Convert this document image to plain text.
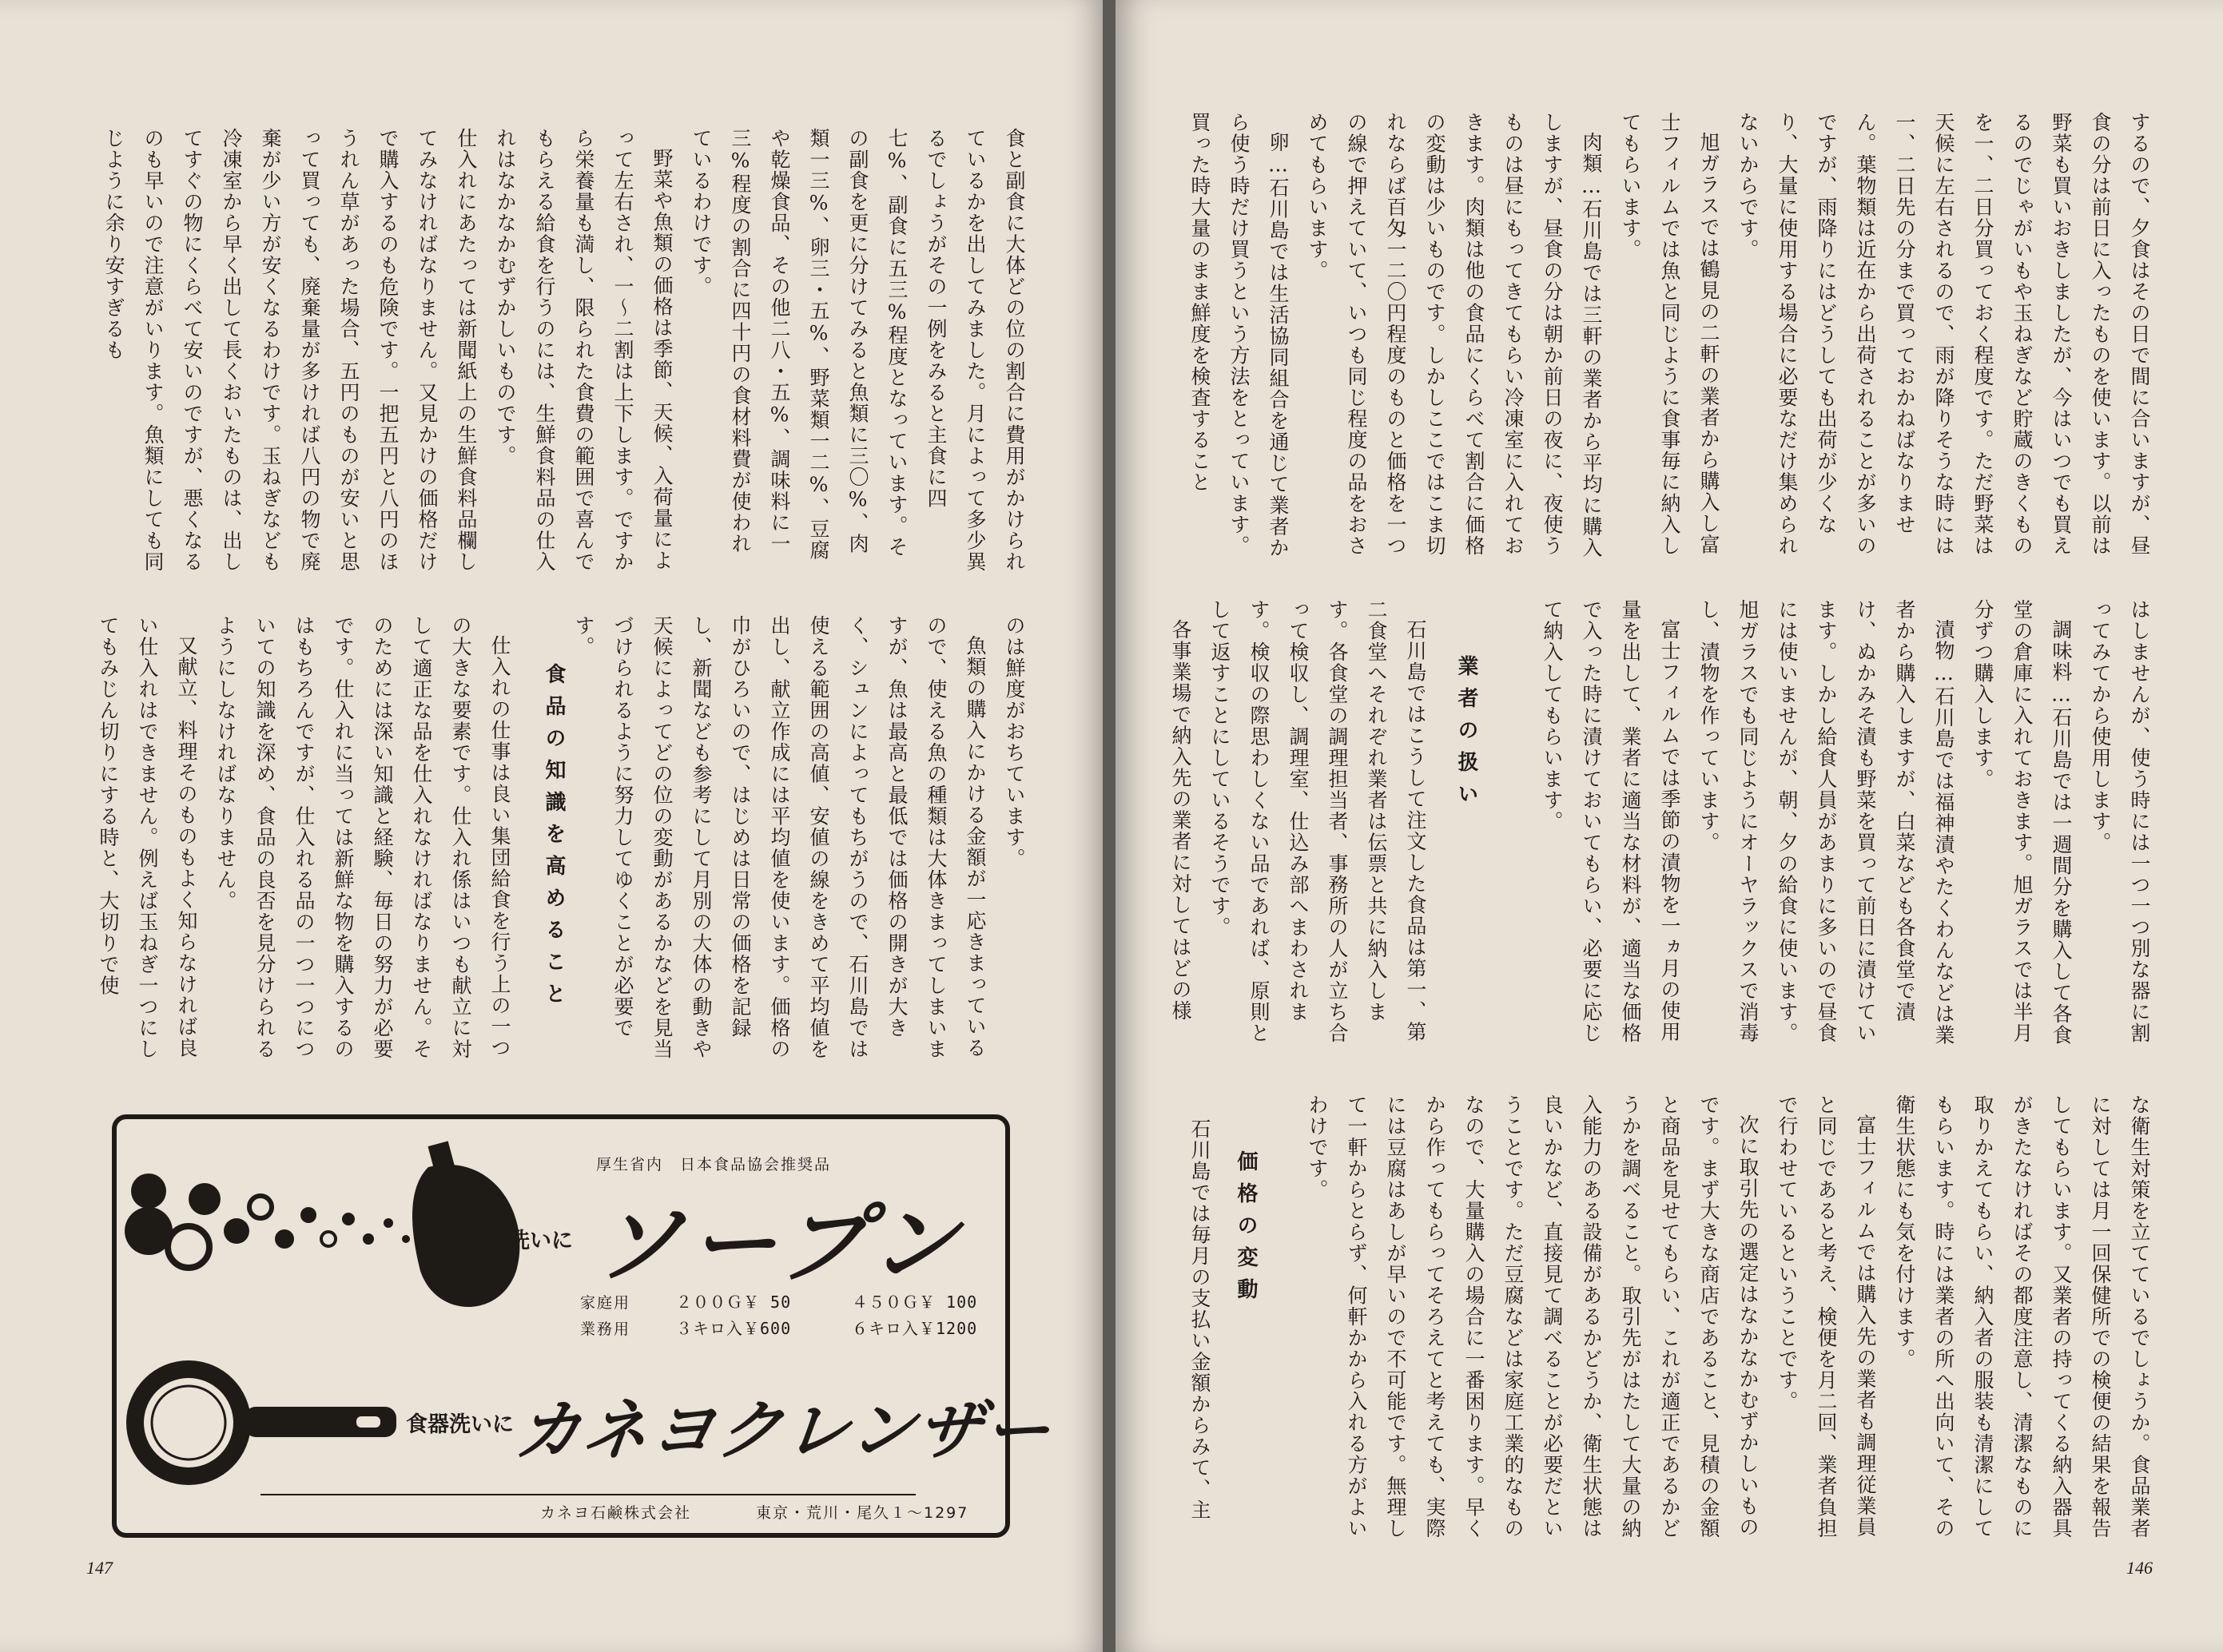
食と副食に大体どの位の割合に費用がかけられているかを出してみました。月によって多少異るでしょうがその一例をみると主食に四七%、副食に五三%程度となっています。その副食を更に分けてみると魚類に三〇%、肉類一三%、卵三・五%、野菜類一二%、豆腐や乾燥食品、その他二八・五%、調味料に一三%程度の割合に四十円の食材料費が使われているわけです。

野菜や魚類の価格は季節、天候、入荷量によって左右され、一～二割は上下します。ですから栄養量も満し、限られた食費の範囲で喜んでもらえる給食を行うのには、生鮮食料品の仕入れはなかなかむずかしいものです。

仕入れにあたっては新聞紙上の生鮮食料品欄してみなければなりません。又見かけの価格だけで購入するのも危険です。一把五円と八円のほうれん草があった場合、五円のものが安いと思って買っても、廃棄量が多ければ八円の物で廃棄が少い方が安くなるわけです。玉ねぎなども冷凍室から早く出して長くおいたものは、出してすぐの物にくらべて安いのですが、悪くなるのも早いので注意がいります。魚類にしても同じように余り安すぎるも

のは鮮度がおちています。

魚類の購入にかける金額が一応きまっているので、使える魚の種類は大体きまってしまいますが、魚は最高と最低では価格の開きが大きく、シュンによってもちがうので、石川島では使える範囲の高値、安値の線をきめて平均値を出し、献立作成には平均値を使います。価格の巾がひろいので、はじめは日常の価格を記録し、新聞なども参考にして月別の大体の動きや天候によってどの位の変動があるかなどを見当づけられるように努力してゆくことが必要です。

食品の知識を高めること

仕入れの仕事は良い集団給食を行う上の一つの大きな要素です。仕入れ係はいつも献立に対して適正な品を仕入れなければなりません。そのためには深い知識と経験、毎日の努力が必要です。仕入れに当っては新鮮な物を購入するのはもちろんですが、仕入れる品の一つ一つについての知識を深め、食品の良否を見分けられるようにしなければなりません。

又献立、料理そのものもよく知らなければ良い仕入れはできません。例えば玉ねぎ一つにしてもみじん切りにする時と、大切りで使

厚生省内　日本食品協会推奨品
野菜果物洗いに ソープン
家庭用	２００Ｇ￥ 50	４５０Ｇ￥ 100
業務用	３キロ入￥600	６キロ入￥1200
食器洗いに
カネヨクレンザー
カネヨ石鹸株式会社	東京・荒川・尾久１～1297
147

するので、夕食はその日で間に合いますが、昼食の分は前日に入ったものを使います。以前は野菜も買いおきしましたが、今はいつでも買えるのでじゃがいもや玉ねぎなど貯蔵のきくものを一、二日分買っておく程度です。ただ野菜は天候に左右されるので、雨が降りそうな時には一、二日先の分まで買っておかねばなりません。葉物類は近在から出荷されることが多いのですが、雨降りにはどうしても出荷が少くなり、大量に使用する場合に必要なだけ集められないからです。

旭ガラスでは鶴見の二軒の業者から購入し富士フィルムでは魚と同じように食事毎に納入してもらいます。

肉類…石川島では三軒の業者から平均に購入しますが、昼食の分は朝か前日の夜に、夜使うものは昼にもってきてもらい冷凍室に入れておきます。肉類は他の食品にくらべて割合に価格の変動は少いものです。しかしここではこま切れならば百匁一二〇円程度のものと価格を一つの線で押えていて、いつも同じ程度の品をおさめてもらいます。

卵…石川島では生活協同組合を通じて業者から使う時だけ買うという方法をとっています。買った時大量のまま鮮度を検査すること

はしませんが、使う時には一つ一つ別な器に割ってみてから使用します。

調味料…石川島では一週間分を購入して各食堂の倉庫に入れておきます。旭ガラスでは半月分ずつ購入します。

漬物…石川島では福神漬やたくわんなどは業者から購入しますが、白菜なども各食堂で漬け、ぬかみそ漬も野菜を買って前日に漬けています。しかし給食人員があまりに多いので昼食には使いませんが、朝、夕の給食に使います。旭ガラスでも同じようにオーヤラックスで消毒し、漬物を作っています。

富士フィルムでは季節の漬物を一ヵ月の使用量を出して、業者に適当な材料が、適当な価格で入った時に漬けておいてもらい、必要に応じて納入してもらいます。

業者の扱い

石川島ではこうして注文した食品は第一、第二食堂へそれぞれ業者は伝票と共に納入します。各食堂の調理担当者、事務所の人が立ち合って検収し、調理室、仕込み部へまわされます。検収の際思わしくない品であれば、原則として返すことにしているそうです。

各事業場で納入先の業者に対してはどの様

な衛生対策を立てているでしょうか。食品業者に対しては月一回保健所での検便の結果を報告してもらいます。又業者の持ってくる納入器具がきたなければその都度注意し、清潔なものに取りかえてもらい、納入者の服装も清潔にしてもらいます。時には業者の所へ出向いて、その衛生状態にも気を付けます。

富士フィルムでは購入先の業者も調理従業員と同じであると考え、検便を月二回、業者負担で行わせているということです。

次に取引先の選定はなかなかむずかしいものです。まず大きな商店であること、見積の金額と商品を見せてもらい、これが適正であるかどうかを調べること。取引先がはたして大量の納入能力のある設備があるかどうか、衛生状態は良いかなど、直接見て調べることが必要だということです。ただ豆腐などは家庭工業的なものなので、大量購入の場合に一番困ります。早くから作ってもらってそろえてと考えても、実際には豆腐はあしが早いので不可能です。無理して一軒からとらず、何軒かから入れる方がよいわけです。

価格の変動

石川島では毎月の支払い金額からみて、主

146
